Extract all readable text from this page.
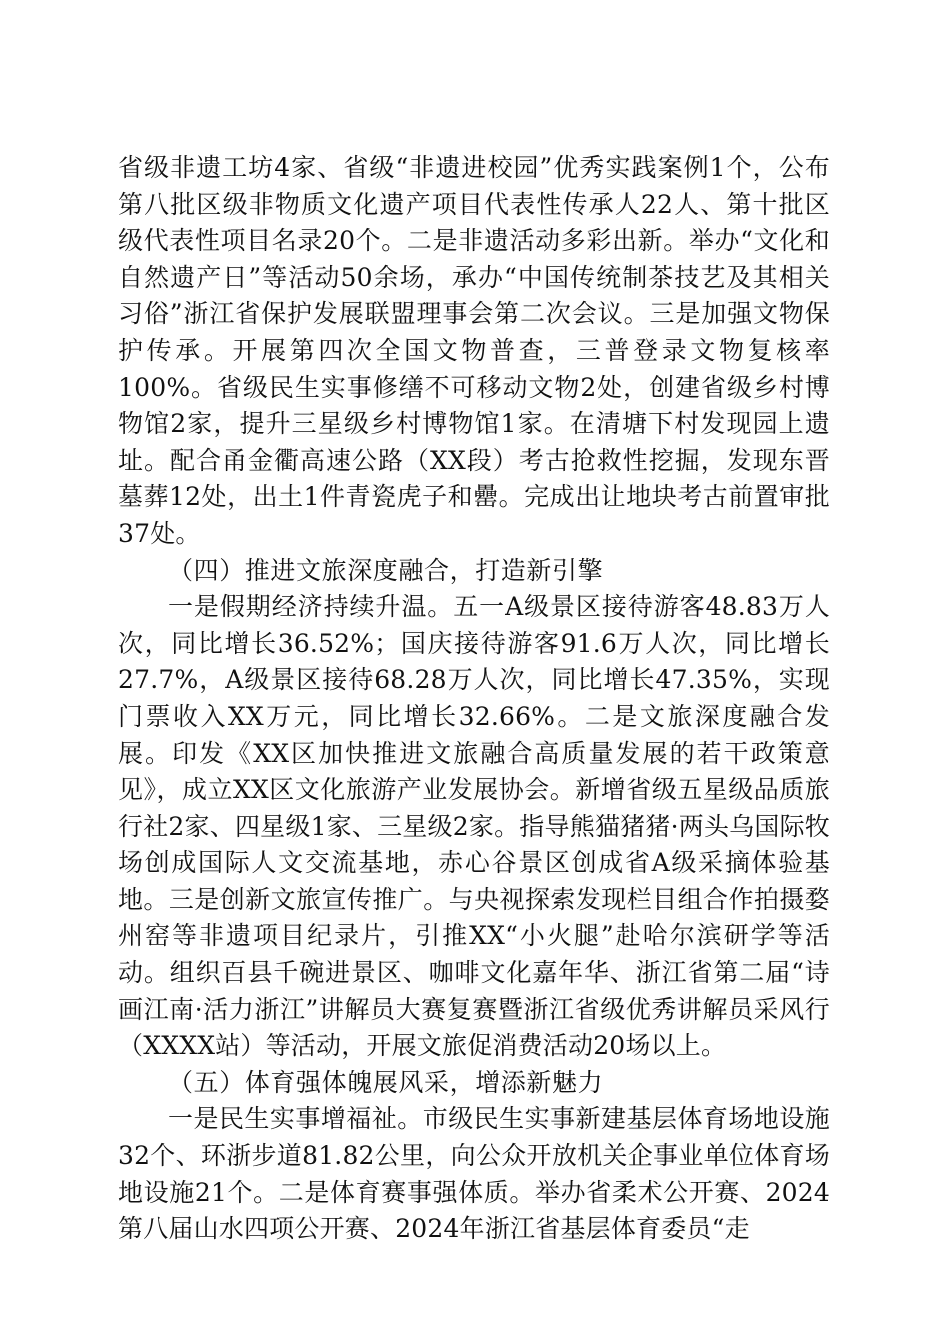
省级非遗工坊4家、省级“非遗进校园”优秀实践案例1个，公布第八批区级非物质文化遗产项目代表性传承人22人、第十批区级代表性项目名录20个。二是非遗活动多彩出新。举办“文化和自然遗产日”等活动50余场，承办“中国传统制茶技艺及其相关习俗”浙江省保护发展联盟理事会第二次会议。三是加强文物保护传承。开展第四次全国文物普查，三普登录文物复核率100%。省级民生实事修缮不可移动文物2处，创建省级乡村博物馆2家，提升三星级乡村博物馆1家。在清塘下村发现园上遗址。配合甬金衢高速公路（XX段）考古抢救性挖掘，发现东晋墓葬12处，出土1件青瓷虎子和罍。完成出让地块考古前置审批37处。

（四）推进文旅深度融合，打造新引擎

一是假期经济持续升温。五一A级景区接待游客48.83万人次，同比增长36.52%；国庆接待游客91.6万人次，同比增长27.7%，A级景区接待68.28万人次，同比增长47.35%，实现门票收入XX万元，同比增长32.66%。二是文旅深度融合发展。印发《XX区加快推进文旅融合高质量发展的若干政策意见》，成立XX区文化旅游产业发展协会。新增省级五星级品质旅行社2家、四星级1家、三星级2家。指导熊猫猪猪·两头乌国际牧场创成国际人文交流基地，赤心谷景区创成省A级采摘体验基地。三是创新文旅宣传推广。与央视探索发现栏目组合作拍摄婺州窑等非遗项目纪录片，引推XX“小火腿”赴哈尔滨研学等活动。组织百县千碗进景区、咖啡文化嘉年华、浙江省第二届“诗画江南·活力浙江”讲解员大赛复赛暨浙江省级优秀讲解员采风行（XXXX站）等活动，开展文旅促消费活动20场以上。

（五）体育强体魄展风采，增添新魅力

一是民生实事增福祉。市级民生实事新建基层体育场地设施32个、环浙步道81.82公里，向公众开放机关企事业单位体育场地设施21个。二是体育赛事强体质。举办省柔术公开赛、2024第八届山水四项公开赛、2024年浙江省基层体育委员“走
